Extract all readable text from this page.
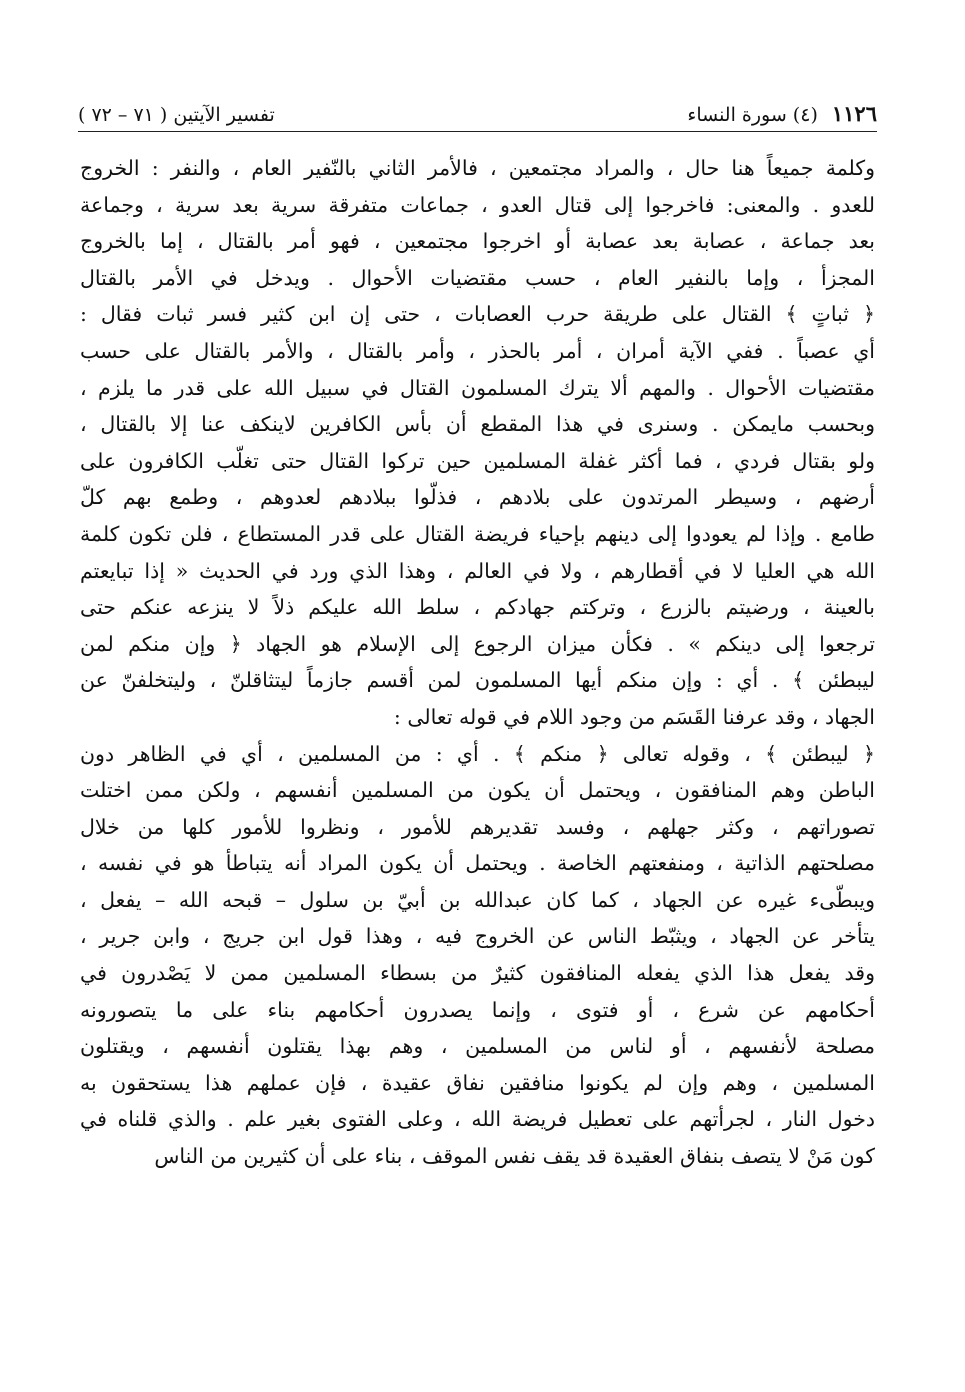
١١٢٦
(٤) سورة النساء
تفسير الآيتين ( ٧١ – ٧٢ )
وكلمة جميعاً هنا حال ، والمراد مجتمعين ، فالأمر الثاني بالنّفير العام ، والنفر : الخروج
للعدو . والمعنى: فاخرجوا إلى قتال العدو ، جماعات متفرقة سرية بعد سرية ، وجماعة
بعد جماعة ، عصابة بعد عصابة أو اخرجوا مجتمعين ، فهو أمر بالقتال ، إما بالخروج
المجزأ ، وإما بالنفير العام ، حسب مقتضيات الأحوال . ويدخل في الأمر بالقتال
﴿ ثباتٍ ﴾ القتال على طريقة حرب العصابات ، حتى إن ابن كثير فسر ثبات فقال :
أي عصباً . ففي الآية أمران ، أمر بالحذر ، وأمر بالقتال ، والأمر بالقتال على حسب
مقتضيات الأحوال . والمهم ألا يترك المسلمون القتال في سبيل الله على قدر ما يلزم ،
وبحسب مايمكن . وسنرى في هذا المقطع أن بأس الكافرين لاينكف عنا إلا بالقتال ،
ولو بقتال فردي ، فما أكثر غفلة المسلمين حين تركوا القتال حتى تغلّب الكافرون على
أرضهم ، وسيطر المرتدون على بلادهم ، فذلّوا ببلادهم لعدوهم ، وطمع بهم كلّ
طامع . وإذا لم يعودوا إلى دينهم بإحياء فريضة القتال على قدر المستطاع ، فلن تكون كلمة
الله هي العليا لا في أقطارهم ، ولا في العالم ، وهذا الذي ورد في الحديث « إذا تبايعتم
بالعينة ، ورضيتم بالزرع ، وتركتم جهادكم ، سلط الله عليكم ذلاً لا ينزعه عنكم حتى
ترجعوا إلى دينكم » . فكأن ميزان الرجوع إلى الإسلام هو الجهاد ﴿ وإن منكم لمن
ليبطئن ﴾ . أي : وإن منكم أيها المسلمون لمن أقسم جازماً ليتثاقلنّ ، وليتخلفنّ عن
الجهاد ، وقد عرفنا القَسَم من وجود اللام في قوله تعالى :
﴿ ليبطئن ﴾ ، وقوله تعالى ﴿ منكم ﴾ . أي : من المسلمين ، أي في الظاهر دون
الباطن وهم المنافقون ، ويحتمل أن يكون من المسلمين أنفسهم ، ولكن ممن اختلت
تصوراتهم ، وكثر جهلهم ، وفسد تقديرهم للأمور ، ونظروا للأمور كلها من خلال
مصلحتهم الذاتية ، ومنفعتهم الخاصة . ويحتمل أن يكون المراد أنه يتباطأ هو في نفسه ،
ويبطّىء غيره عن الجهاد ، كما كان عبدالله بن أبيّ بن سلول – قبحه الله – يفعل ،
يتأخر عن الجهاد ، ويثبّط الناس عن الخروج فيه ، وهذا قول ابن جريج ، وابن جرير ،
وقد يفعل هذا الذي يفعله المنافقون كثيرٌ من بسطاء المسلمين ممن لا يَصْدرون في
أحكامهم عن شرع ، أو فتوى ، وإنما يصدرون أحكامهم بناء على ما يتصورونه
مصلحة لأنفسهم ، أو لناس من المسلمين ، وهم بهذا يقتلون أنفسهم ، ويقتلون
المسلمين ، وهم وإن لم يكونوا منافقين نفاق عقيدة ، فإن عملهم هذا يستحقون به
دخول النار ، لجرأتهم على تعطيل فريضة الله ، وعلى الفتوى بغير علم . والذي قلناه في
كون مَنْ لا يتصف بنفاق العقيدة قد يقف نفس الموقف ، بناء على أن كثيرين من الناس
